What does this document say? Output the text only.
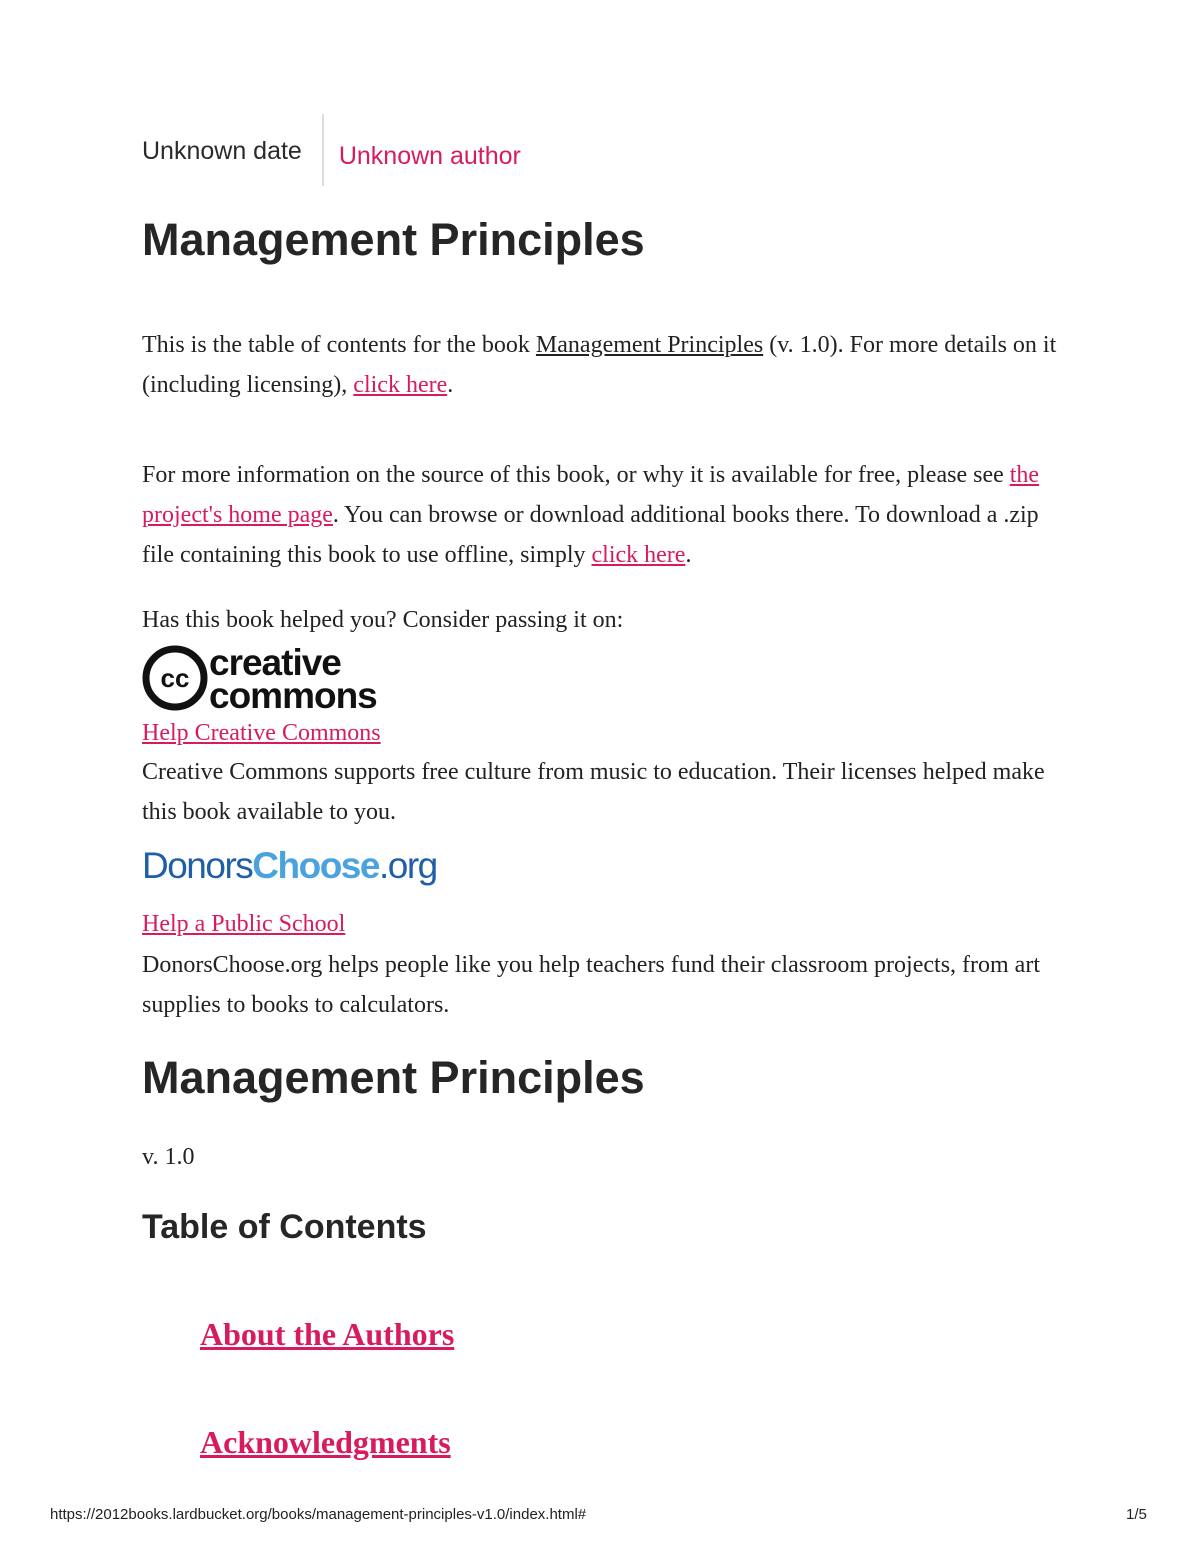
Unknown date	Unknown author
Management Principles

This is the table of contents for the book Management Principles (v. 1.0). For more details on it (including licensing), click here.

For more information on the source of this book, or why it is available for free, please see the project's home page. You can browse or download additional books there. To download a .zip file containing this book to use offline, simply click here.

Has this book helped you? Consider passing it on:

cc creative
commons
Help Creative Commons

Creative Commons supports free culture from music to education. Their licenses helped make this book available to you.

DonorsChoose.org
Help a Public School

DonorsChoose.org helps people like you help teachers fund their classroom projects, from art supplies to books to calculators.

Management Principles
v. 1.0
Table of Contents
About the Authors
Acknowledgments
https://2012books.lardbucket.org/books/management-principles-v1.0/index.html#	1/5
